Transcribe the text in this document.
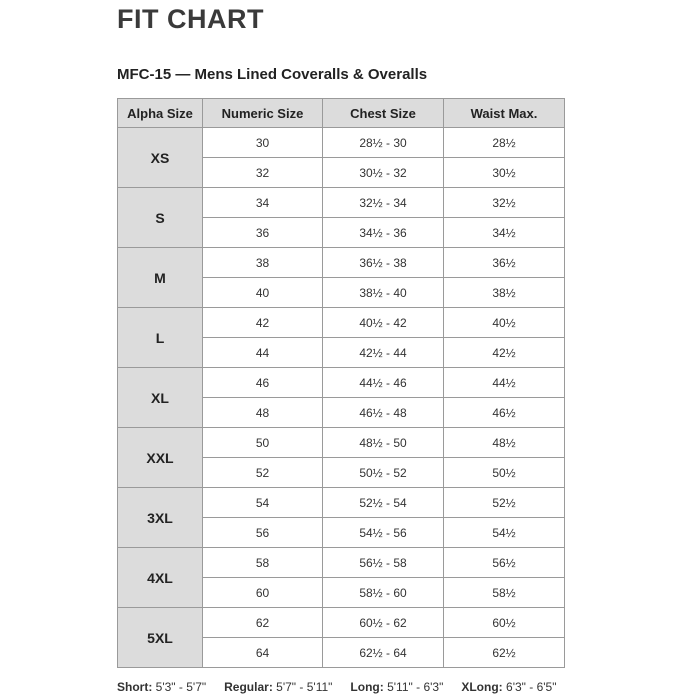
FIT CHART
MFC-15 — Mens Lined Coveralls & Overalls
Alpha Size	Numeric Size	Chest Size	Waist Max.
XS	30	28½ - 30	28½
	32	30½ - 32	30½
S	34	32½ - 34	32½
	36	34½ - 36	34½
M	38	36½ - 38	36½
	40	38½ - 40	38½
L	42	40½ - 42	40½
	44	42½ - 44	42½
XL	46	44½ - 46	44½
	48	46½ - 48	46½
XXL	50	48½ - 50	48½
	52	50½ - 52	50½
3XL	54	52½ - 54	52½
	56	54½ - 56	54½
4XL	58	56½ - 58	56½
	60	58½ - 60	58½
5XL	62	60½ - 62	60½
	64	62½ - 64	62½
Short: 5'3" - 5'7" Regular: 5'7" - 5'11" Long: 5'11" - 6'3" XLong: 6'3" - 6'5"
